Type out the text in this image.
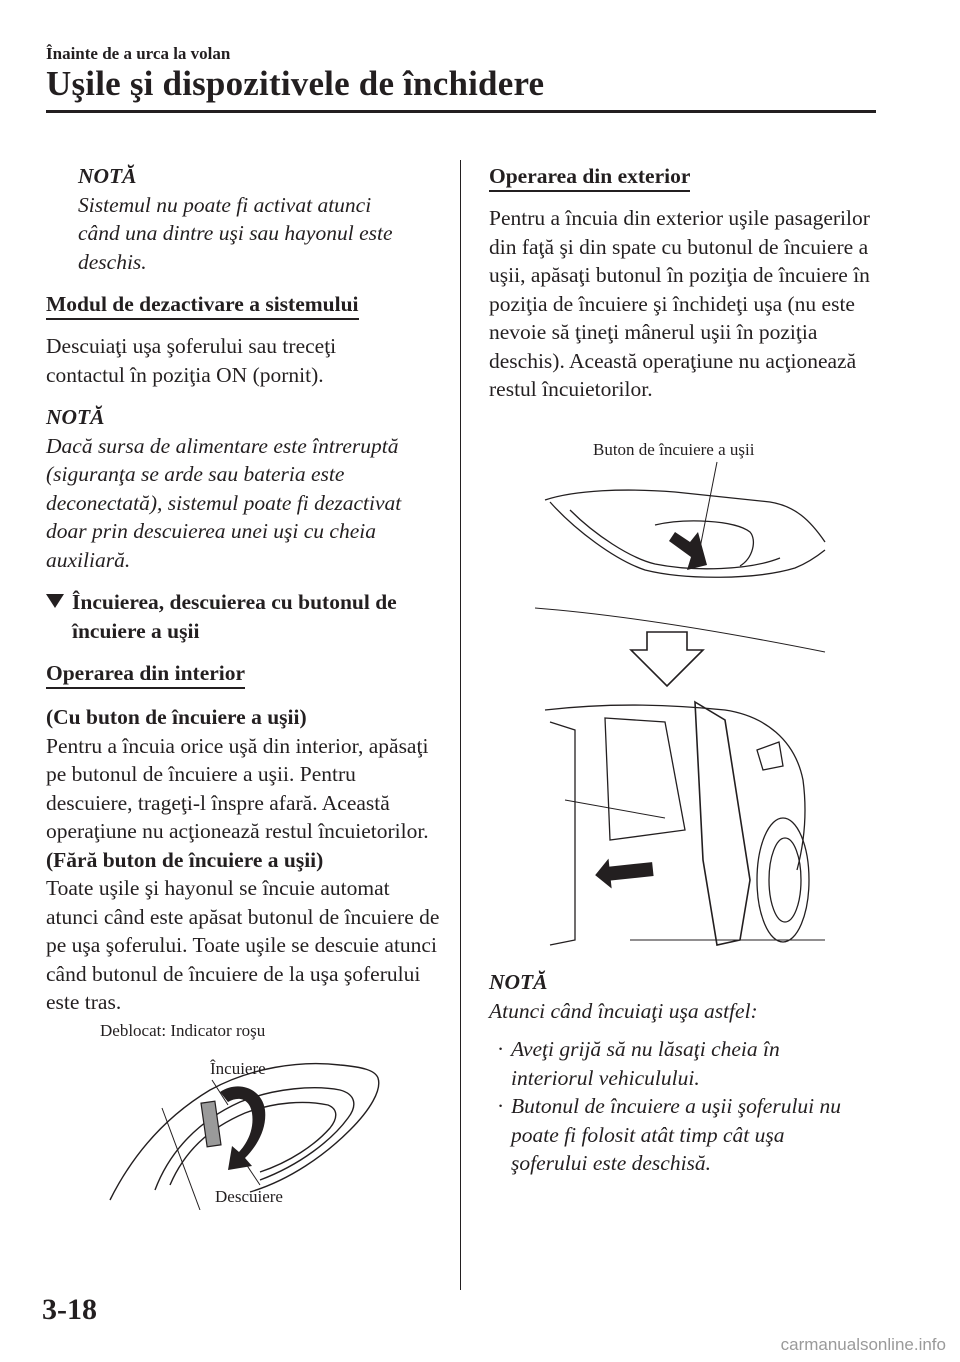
Înainte de a urca la volan
Uşile şi dispozitivele de închidere

NOTĂ

Sistemul nu poate fi activat atunci când una dintre uşi sau hayonul este deschis.

Modul de dezactivare a sistemului

Descuiaţi uşa şoferului sau treceţi contactul în poziţia ON (pornit).

NOTĂ

Dacă sursa de alimentare este întreruptă (siguranţa se arde sau bateria este deconectată), sistemul poate fi dezactivat doar prin descuierea unei uşi cu cheia auxiliară.

Încuierea, descuierea cu butonul de încuiere a uşii
Operarea din interior

(Cu buton de încuiere a uşii)

Pentru a încuia orice uşă din interior, apăsaţi pe butonul de încuiere a uşii. Pentru descuiere, trageţi-l înspre afară. Această operaţiune nu acţionează restul încuietorilor.

(Fără buton de încuiere a uşii)

Toate uşile şi hayonul se încuie automat atunci când este apăsat butonul de încuiere de pe uşa şoferului. Toate uşile se descuie atunci când butonul de încuiere de la uşa şoferului este tras.

Deblocat: Indicator roşu
Încuiere
Descuiere
Operarea din exterior

Pentru a încuia din exterior uşile pasagerilor din faţă şi din spate cu butonul de încuiere a uşii, apăsaţi butonul în poziţia de încuiere în poziţia de încuiere şi închideţi uşa (nu este nevoie să ţineţi mânerul uşii în poziţia deschis). Această operaţiune nu acţionează restul încuietorilor.

Buton de încuiere a uşii

NOTĂ

Atunci când încuiaţi uşa astfel:

· Aveţi grijă să nu lăsaţi cheia în interiorul vehiculului.

· Butonul de încuiere a uşii şoferului nu poate fi folosit atât timp cât uşa şoferului este deschisă.

3-18
carmanualsonline.info
